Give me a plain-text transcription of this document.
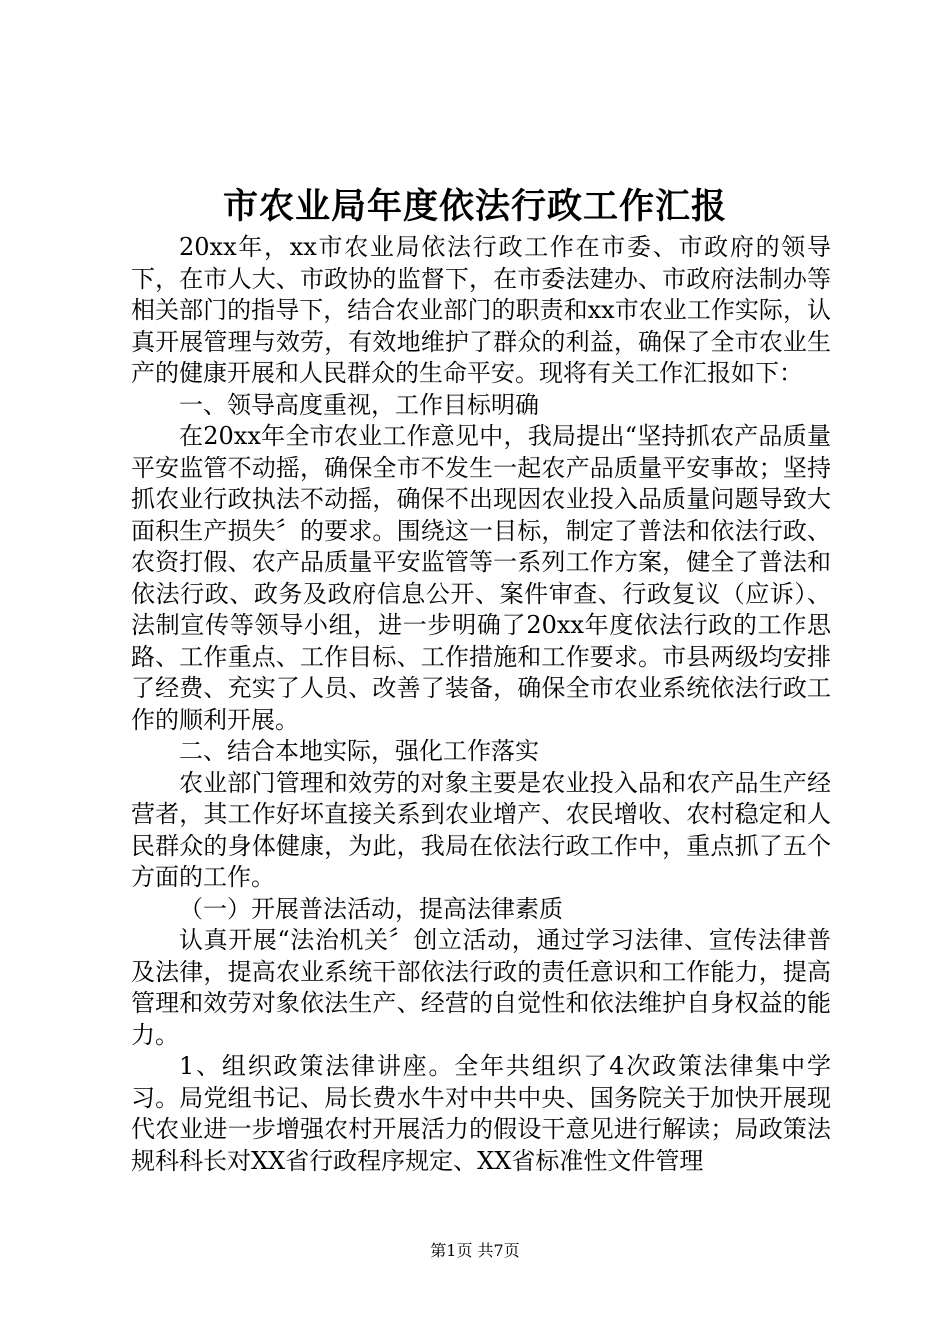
市农业局年度依法行政工作汇报

20xx年，xx市农业局依法行政工作在市委、市政府的领导下，在市人大、市政协的监督下，在市委法建办、市政府法制办等相关部门的指导下，结合农业部门的职责和xx市农业工作实际，认真开展管理与效劳，有效地维护了群众的利益，确保了全市农业生产的健康开展和人民群众的生命平安。现将有关工作汇报如下：

一、领导高度重视，工作目标明确

在20xx年全市农业工作意见中，我局提出“坚持抓农产品质量平安监管不动摇，确保全市不发生一起农产品质量平安事故；坚持抓农业行政执法不动摇，确保不出现因农业投入品质量问题导致大面积生产损失〞的要求。围绕这一目标，制定了普法和依法行政、农资打假、农产品质量平安监管等一系列工作方案，健全了普法和依法行政、政务及政府信息公开、案件审查、行政复议（应诉）、法制宣传等领导小组，进一步明确了20xx年度依法行政的工作思路、工作重点、工作目标、工作措施和工作要求。市县两级均安排了经费、充实了人员、改善了装备，确保全市农业系统依法行政工作的顺利开展。

二、结合本地实际，强化工作落实

农业部门管理和效劳的对象主要是农业投入品和农产品生产经营者，其工作好坏直接关系到农业增产、农民增收、农村稳定和人民群众的身体健康，为此，我局在依法行政工作中，重点抓了五个方面的工作。

（一）开展普法活动，提高法律素质

认真开展“法治机关〞创立活动，通过学习法律、宣传法律普及法律，提高农业系统干部依法行政的责任意识和工作能力，提高管理和效劳对象依法生产、经营的自觉性和依法维护自身权益的能力。

1、组织政策法律讲座。全年共组织了4次政策法律集中学习。局党组书记、局长费水牛对中共中央、国务院关于加快开展现代农业进一步增强农村开展活力的假设干意见进行解读；局政策法规科科长对XX省行政程序规定、XX省标准性文件管理

第1页 共7页
